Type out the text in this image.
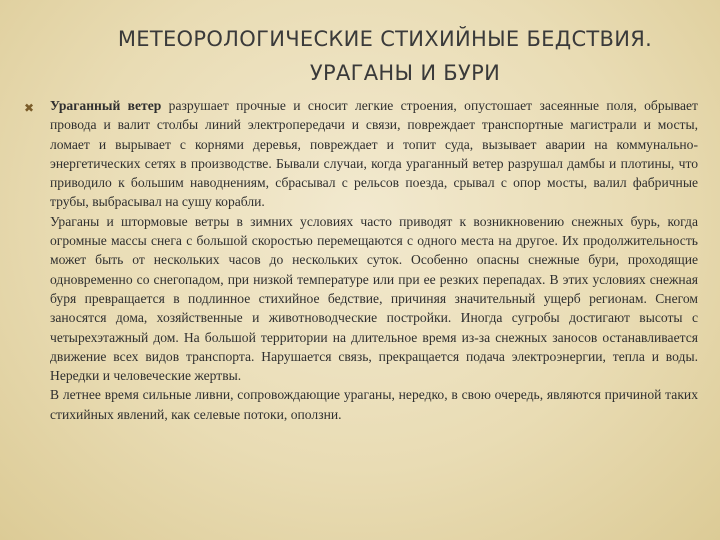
МЕТЕОРОЛОГИЧЕСКИЕ СТИХИЙНЫЕ БЕДСТВИЯ.
УРАГАНЫ И БУРИ
✖ Ураганный ветер разрушает прочные и сносит легкие строения, опустошает засеянные поля, обрывает провода и валит столбы линий электропередачи и связи, повреждает транспортные магистрали и мосты, ломает и вырывает с корнями деревья, повреждает и топит суда, вызывает аварии на коммунально-энергетических сетях в производстве. Бывали случаи, когда ураганный ветер разрушал дамбы и плотины, что приводило к большим наводнениям, сбрасывал с рельсов поезда, срывал с опор мосты, валил фабричные трубы, выбрасывал на сушу корабли.

Ураганы и штормовые ветры в зимних условиях часто приводят к возникновению снежных бурь, когда огромные массы снега с большой скоростью перемещаются с одного места на другое. Их продолжительность может быть от нескольких часов до нескольких суток. Особенно опасны снежные бури, проходящие одновременно со снегопадом, при низкой температуре или при ее резких перепадах. В этих условиях снежная буря превращается в подлинное стихийное бедствие, причиняя значительный ущерб регионам. Снегом заносятся дома, хозяйственные и животноводческие постройки. Иногда сугробы достигают высоты с четырехэтажный дом. На большой территории на длительное время из-за снежных заносов останавливается движение всех видов транспорта. Нарушается связь, прекращается подача электроэнергии, тепла и воды. Нередки и человеческие жертвы.

В летнее время сильные ливни, сопровождающие ураганы, нередко, в свою очередь, являются причиной таких стихийных явлений, как селевые потоки, оползни.
